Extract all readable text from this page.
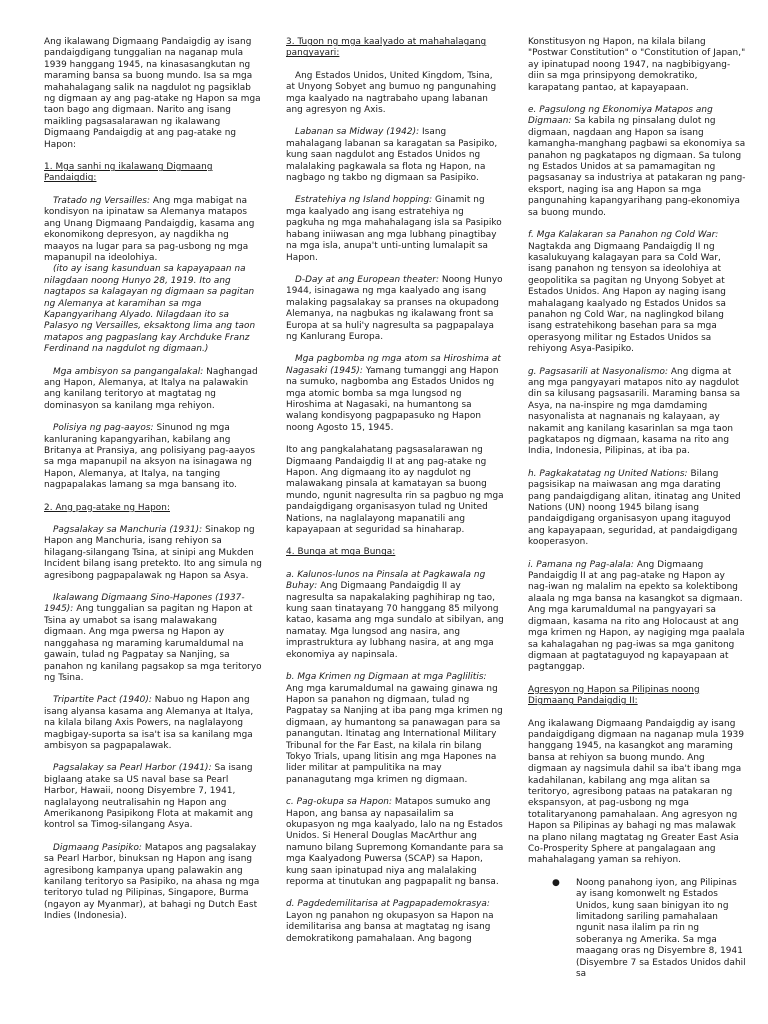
Ang ikalawang Digmaang Pandaigdig ay isang pandaigdigang tunggalian na naganap mula 1939 hanggang 1945, na kinasasangkutan ng maraming bansa sa buong mundo. Isa sa mga mahahalagang salik na nagdulot ng pagsiklab ng digmaan ay ang pag-atake ng Hapon sa mga taon bago ang digmaan. Narito ang isang maikling pagsasalarawan ng ikalawang Digmaang Pandaigdig at ang pag-atake ng Hapon:

1. Mga sanhi ng ikalawang Digmaang Pandaigdig:

Tratado ng Versailles: Ang mga mabigat na kondisyon na ipinataw sa Alemanya matapos ang Unang Digmaang Pandaigdig, kasama ang ekonomikong depresyon, ay nagdikha ng maayos na lugar para sa pag-usbong ng mga mapanupil na ideolohiya.
(ito ay isang kasunduan sa kapayapaan na nilagdaan noong Hunyo 28, 1919. Ito ang nagtapos sa kalagayan ng digmaan sa pagitan ng Alemanya at karamihan sa mga Kapangyarihang Alyado. Nilagdaan ito sa Palasyo ng Versailles, eksaktong lima ang taon matapos ang pagpaslang kay Archduke Franz Ferdinand na nagdulot ng digmaan.)

Mga ambisyon sa pangangalakal: Naghangad ang Hapon, Alemanya, at Italya na palawakin ang kanilang teritoryo at magtatag ng dominasyon sa kanilang mga rehiyon.

Polisiya ng pag-aayos: Sinunod ng mga kanluraning kapangyarihan, kabilang ang Britanya at Pransiya, ang polisiyang pag-aayos sa mga mapanupil na aksyon na isinagawa ng Hapon, Alemanya, at Italya, na tanging nagpapalakas lamang sa mga bansang ito.

2. Ang pag-atake ng Hapon:

Pagsalakay sa Manchuria (1931): Sinakop ng Hapon ang Manchuria, isang rehiyon sa hilagang-silangang Tsina, at sinipi ang Mukden Incident bilang isang pretekto. Ito ang simula ng agresibong pagpapalawak ng Hapon sa Asya.

Ikalawang Digmaang Sino-Hapones (1937-1945): Ang tunggalian sa pagitan ng Hapon at Tsina ay umabot sa isang malawakang digmaan. Ang mga pwersa ng Hapon ay nanggahasa ng maraming karumaldumal na gawain, tulad ng Pagpatay sa Nanjing, sa panahon ng kanilang pagsakop sa mga teritoryo ng Tsina.

Tripartite Pact (1940): Nabuo ng Hapon ang isang alyansa kasama ang Alemanya at Italya, na kilala bilang Axis Powers, na naglalayong magbigay-suporta sa isa't isa sa kanilang mga ambisyon sa pagpapalawak.

Pagsalakay sa Pearl Harbor (1941): Sa isang biglaang atake sa US naval base sa Pearl Harbor, Hawaii, noong Disyembre 7, 1941, naglalayong neutralisahin ng Hapon ang Amerikanong Pasipikong Flota at makamit ang kontrol sa Timog-silangang Asya.

Digmaang Pasipiko: Matapos ang pagsalakay sa Pearl Harbor, binuksan ng Hapon ang isang agresibong kampanya upang palawakin ang kanilang teritoryo sa Pasipiko, na ahasa ng mga teritoryo tulad ng Pilipinas, Singapore, Burma (ngayon ay Myanmar), at bahagi ng Dutch East Indies (Indonesia).

3. Tugon ng mga kaalyado at mahahalagang pangyayari:

Ang Estados Unidos, United Kingdom, Tsina, at Unyong Sobyet ang bumuo ng pangunahing mga kaalyado na nagtrabaho upang labanan ang agresyon ng Axis.

Labanan sa Midway (1942): Isang mahalagang labanan sa karagatan sa Pasipiko, kung saan nagdulot ang Estados Unidos ng malalaking pagkawala sa flota ng Hapon, na nagbago ng takbo ng digmaan sa Pasipiko.

Estratehiya ng Island hopping: Ginamit ng mga kaalyado ang isang estratehiya ng pagkuha ng mga mahahalagang isla sa Pasipiko habang iniiwasan ang mga lubhang pinagtibay na mga isla, anupa't unti-unting lumalapit sa Hapon.

D-Day at ang European theater: Noong Hunyo 1944, isinagawa ng mga kaalyado ang isang malaking pagsalakay sa pranses na okupadong Alemanya, na nagbukas ng ikalawang front sa Europa at sa huli'y nagresulta sa pagpapalaya ng Kanlurang Europa.

Mga pagbomba ng mga atom sa Hiroshima at Nagasaki (1945): Yamang tumanggi ang Hapon na sumuko, nagbomba ang Estados Unidos ng mga atomic bomba sa mga lungsod ng Hiroshima at Nagasaki, na humantong sa walang kondisyong pagpapasuko ng Hapon noong Agosto 15, 1945.

Ito ang pangkalahatang pagsasalarawan ng Digmaang Pandaigdig II at ang pag-atake ng Hapon. Ang digmaang ito ay nagdulot ng malawakang pinsala at kamatayan sa buong mundo, ngunit nagresulta rin sa pagbuo ng mga pandaigdigang organisasyon tulad ng United Nations, na naglalayong mapanatili ang kapayapaan at seguridad sa hinaharap.

4. Bunga at mga Bunga:

a. Kalunos-lunos na Pinsala at Pagkawala ng Buhay: Ang Digmaang Pandaigdig II ay nagresulta sa napakalaking paghihirap ng tao, kung saan tinatayang 70 hanggang 85 milyong katao, kasama ang mga sundalo at sibilyan, ang namatay. Mga lungsod ang nasira, ang imprastruktura ay lubhang nasira, at ang mga ekonomiya ay napinsala.

b. Mga Krimen ng Digmaan at mga Paglilitis: Ang mga karumaldumal na gawaing ginawa ng Hapon sa panahon ng digmaan, tulad ng Pagpatay sa Nanjing at iba pang mga krimen ng digmaan, ay humantong sa panawagan para sa panangutan. Itinatag ang International Military Tribunal for the Far East, na kilala rin bilang Tokyo Trials, upang litisin ang mga Hapones na lider militar at pampulitika na may pananagutang mga krimen ng digmaan.

c. Pag-okupa sa Hapon: Matapos sumuko ang Hapon, ang bansa ay napasailalim sa okupasyon ng mga kaalyado, lalo na ng Estados Unidos. Si Heneral Douglas MacArthur ang namuno bilang Supremong Komandante para sa mga Kaalyadong Puwersa (SCAP) sa Hapon, kung saan ipinatupad niya ang malalaking reporma at tinutukan ang pagpapalit ng bansa.

d. Pagdedemilitarisa at Pagpapademokrasya: Layon ng panahon ng okupasyon sa Hapon na idemilitarisa ang bansa at magtatag ng isang demokratikong pamahalaan. Ang bagong

Konstitusyon ng Hapon, na kilala bilang "Postwar Constitution" o "Constitution of Japan," ay ipinatupad noong 1947, na nagbibigyang-diin sa mga prinsipyong demokratiko, karapatang pantao, at kapayapaan.

e. Pagsulong ng Ekonomiya Matapos ang Digmaan: Sa kabila ng pinsalang dulot ng digmaan, nagdaan ang Hapon sa isang kamangha-manghang pagbawi sa ekonomiya sa panahon ng pagkatapos ng digmaan. Sa tulong ng Estados Unidos at sa pamamagitan ng pagsasanay sa industriya at patakaran ng pang-eksport, naging isa ang Hapon sa mga pangunahing kapangyarihang pang-ekonomiya sa buong mundo.

f. Mga Kalakaran sa Panahon ng Cold War: Nagtakda ang Digmaang Pandaigdig II ng kasalukuyang kalagayan para sa Cold War, isang panahon ng tensyon sa ideolohiya at geopolitika sa pagitan ng Unyong Sobyet at Estados Unidos. Ang Hapon ay naging isang mahalagang kaalyado ng Estados Unidos sa panahon ng Cold War, na naglingkod bilang isang estratehikong basehan para sa mga operasyong militar ng Estados Unidos sa rehiyong Asya-Pasipiko.

g. Pagsasarili at Nasyonalismo: Ang digma at ang mga pangyayari matapos nito ay nagdulot din sa kilusang pagsasarili. Maraming bansa sa Asya, na na-inspire ng mga damdaming nasyonalista at nagnanais ng kalayaan, ay nakamit ang kanilang kasarinlan sa mga taon pagkatapos ng digmaan, kasama na rito ang India, Indonesia, Pilipinas, at iba pa.

h. Pagkakatatag ng United Nations: Bilang pagsisikap na maiwasan ang mga darating pang pandaigdigang alitan, itinatag ang United Nations (UN) noong 1945 bilang isang pandaigdigang organisasyon upang itaguyod ang kapayapaan, seguridad, at pandaigdigang kooperasyon.

i. Pamana ng Pag-alala: Ang Digmaang Pandaigdig II at ang pag-atake ng Hapon ay nag-iwan ng malalim na epekto sa kolektibong alaala ng mga bansa na kasangkot sa digmaan. Ang mga karumaldumal na pangyayari sa digmaan, kasama na rito ang Holocaust at ang mga krimen ng Hapon, ay nagiging mga paalala sa kahalagahan ng pag-iwas sa mga ganitong digmaan at pagtataguyod ng kapayapaan at pagtanggap.

Agresyon ng Hapon sa Pilipinas noong Digmaang Pandaigdig II:

Ang ikalawang Digmaang Pandaigdig ay isang pandaigdigang digmaan na naganap mula 1939 hanggang 1945, na kasangkot ang maraming bansa at rehiyon sa buong mundo. Ang digmaan ay nagsimula dahil sa iba't ibang mga kadahilanan, kabilang ang mga alitan sa teritoryo, agresibong pataas na patakaran ng ekspansyon, at pag-usbong ng mga totalitaryanong pamahalaan. Ang agresyon ng Hapon sa Pilipinas ay bahagi ng mas malawak na plano nilang magtatag ng Greater East Asia Co-Prosperity Sphere at pangalagaan ang mahahalagang yaman sa rehiyon.

● Noong panahong iyon, ang Pilipinas ay isang komonwelt ng Estados Unidos, kung saan binigyan ito ng limitadong sariling pamahalaan ngunit nasa ilalim pa rin ng soberanya ng Amerika. Sa mga maagang oras ng Disyembre 8, 1941 (Disyembre 7 sa Estados Unidos dahil sa
